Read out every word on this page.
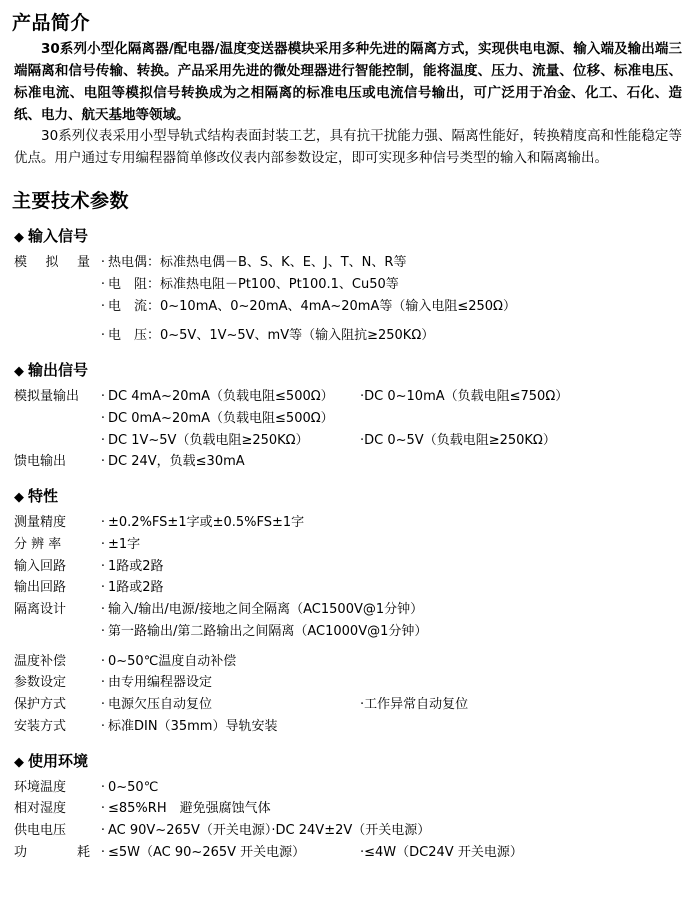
产品简介

30系列小型化隔离器/配电器/温度变送器模块采用多种先进的隔离方式，实现供电电源、输入端及输出端三端隔离和信号传输、转换。产品采用先进的微处理器进行智能控制，能将温度、压力、流量、位移、标准电压、标准电流、电阻等模拟信号转换成为之相隔离的标准电压或电流信号输出，可广泛用于冶金、化工、石化、造纸、电力、航天基地等领域。

30系列仪表采用小型导轨式结构表面封装工艺，具有抗干扰能力强、隔离性能好，转换精度高和性能稳定等优点。用户通过专用编程器简单修改仪表内部参数设定，即可实现多种信号类型的输入和隔离输出。

主要技术参数
◆ 输入信号
模 拟 量	·	热电偶：标准热电偶－B、S、K、E、J、T、N、R等
	·	电　阻：标准热电阻－Pt100、Pt100.1、Cu50等
	·	电　流：0~10mA、0~20mA、4mA~20mA等（输入电阻≤250Ω）
	·	电　压：0~5V、1V~5V、mV等（输入阻抗≥250KΩ）
◆ 输出信号
模拟量输出	·	DC 4mA~20mA（负载电阻≤500Ω） ·DC 0~10mA（负载电阻≤750Ω）
	·	DC 0mA~20mA（负载电阻≤500Ω）
	·	DC 1V~5V（负载电阻≥250KΩ） ·DC 0~5V（负载电阻≥250KΩ）
馈电输出	·	DC 24V，负载≤30mA
◆ 特性
测量精度	·	±0.2%FS±1字或±0.5%FS±1字
分 辨 率	·	±1字
输入回路	·	1路或2路
输出回路	·	1路或2路
隔离设计	·	输入/输出/电源/接地之间全隔离（AC1500V@1分钟）
	·	第一路输出/第二路输出之间隔离（AC1000V@1分钟）
温度补偿	·	0~50℃温度自动补偿
参数设定	·	由专用编程器设定
保护方式	·	电源欠压自动复位 ·工作异常自动复位
安装方式	·	标准DIN（35mm）导轨安装
◆ 使用环境
环境温度	·	0~50℃
相对湿度	·	≤85%RH　避免强腐蚀气体
供电电压	·	AC 90V~265V（开关电源）·DC 24V±2V（开关电源）
功　耗	·	≤5W（AC 90~265V 开关电源） ·≤4W（DC24V 开关电源）
